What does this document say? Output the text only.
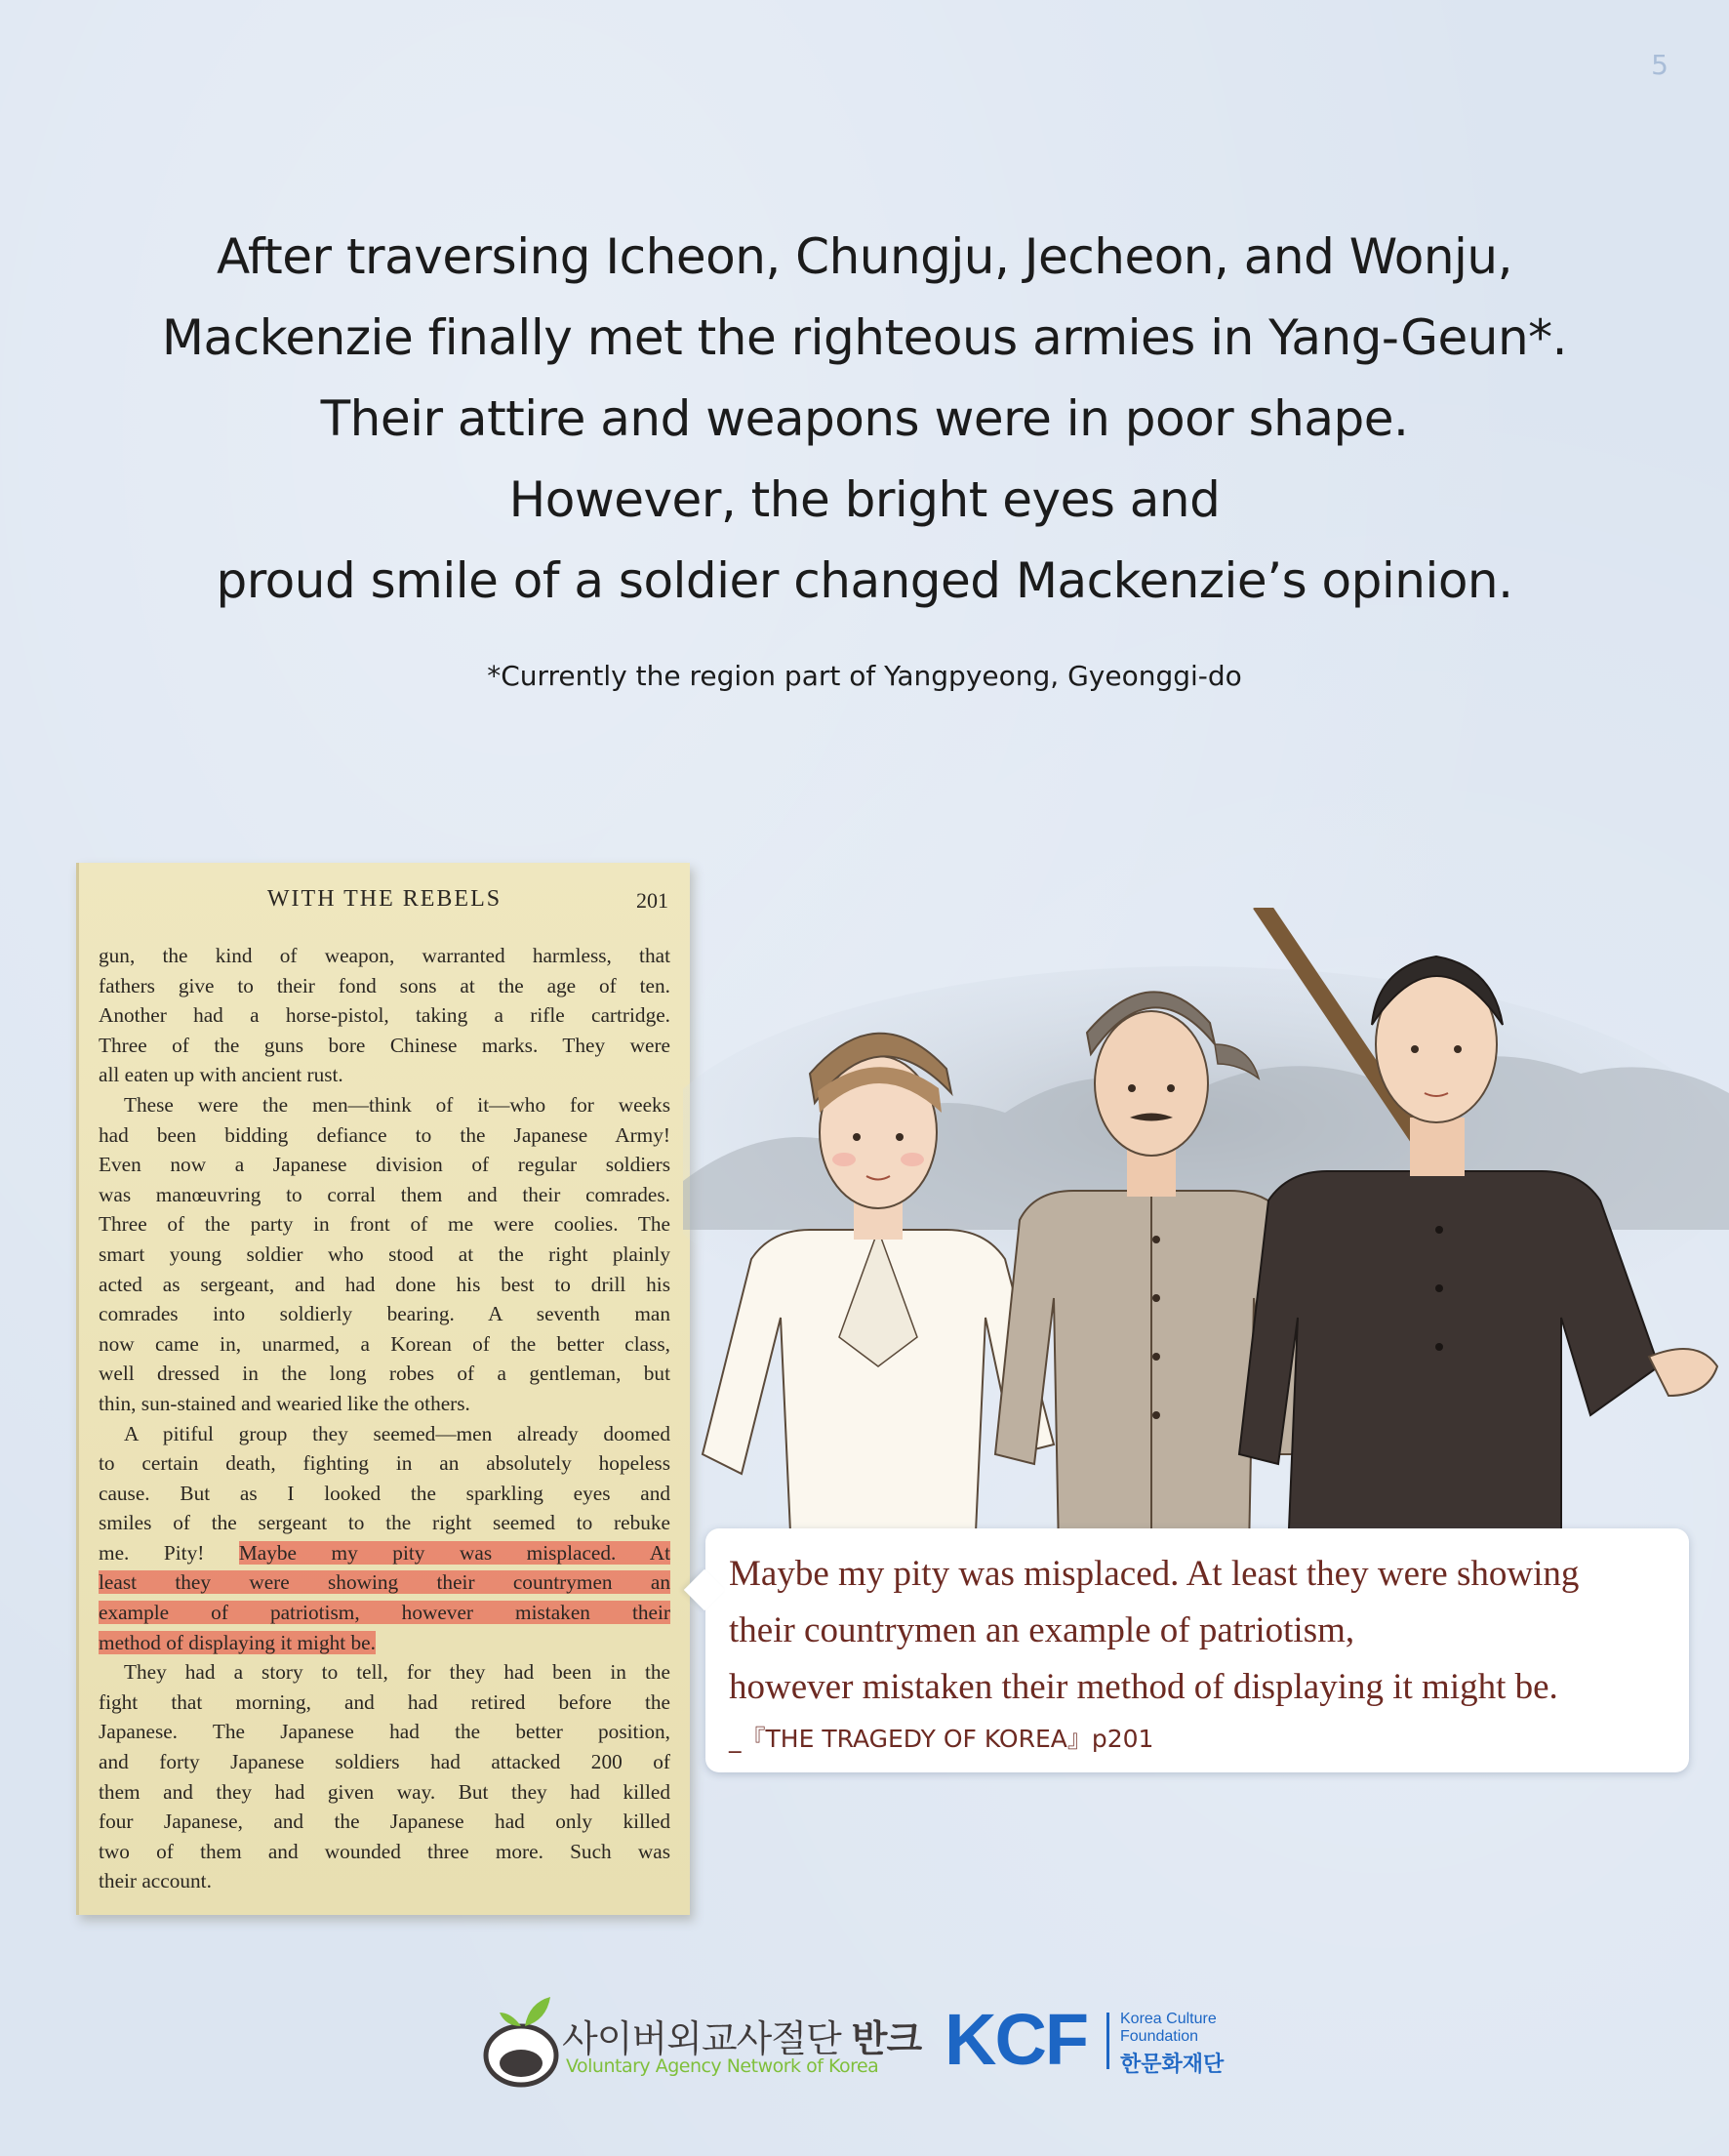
5
After traversing Icheon, Chungju, Jecheon, and Wonju,
Mackenzie finally met the righteous armies in Yang-Geun*.
Their attire and weapons were in poor shape.
However, the bright eyes and
proud smile of a soldier changed Mackenzie’s opinion.
*Currently the region part of Yangpyeong, Gyeonggi-do
WITH THE REBELS	201
gun, the kind of weapon, warranted harmless, that
fathers give to their fond sons at the age of ten.
Another had a horse-pistol, taking a rifle cartridge.
Three of the guns bore Chinese marks. They were
all eaten up with ancient rust.
These were the men—think of it—who for weeks
had been bidding defiance to the Japanese Army!
Even now a Japanese division of regular soldiers
was manœuvring to corral them and their comrades.
Three of the party in front of me were coolies. The
smart young soldier who stood at the right plainly
acted as sergeant, and had done his best to drill his
comrades into soldierly bearing. A seventh man
now came in, unarmed, a Korean of the better class,
well dressed in the long robes of a gentleman, but
thin, sun-stained and wearied like the others.
A pitiful group they seemed—men already doomed
to certain death, fighting in an absolutely hopeless
cause. But as I looked the sparkling eyes and
smiles of the sergeant to the right seemed to rebuke
me. Pity! Maybe my pity was misplaced. At
least they were showing their countrymen an
example of patriotism, however mistaken their
method of displaying it might be.
They had a story to tell, for they had been in the
fight that morning, and had retired before the
Japanese. The Japanese had the better position,
and forty Japanese soldiers had attacked 200 of
them and they had given way. But they had killed
four Japanese, and the Japanese had only killed
two of them and wounded three more. Such was
their account.
Maybe my pity was misplaced. At least they were showing
their countrymen an example of patriotism,
however mistaken their method of displaying it might be.
_『THE TRAGEDY OF KOREA』p201
사이버외교사절단 반크
Voluntary Agency Network of Korea KCF Korea Culture
Foundation
한문화재단
